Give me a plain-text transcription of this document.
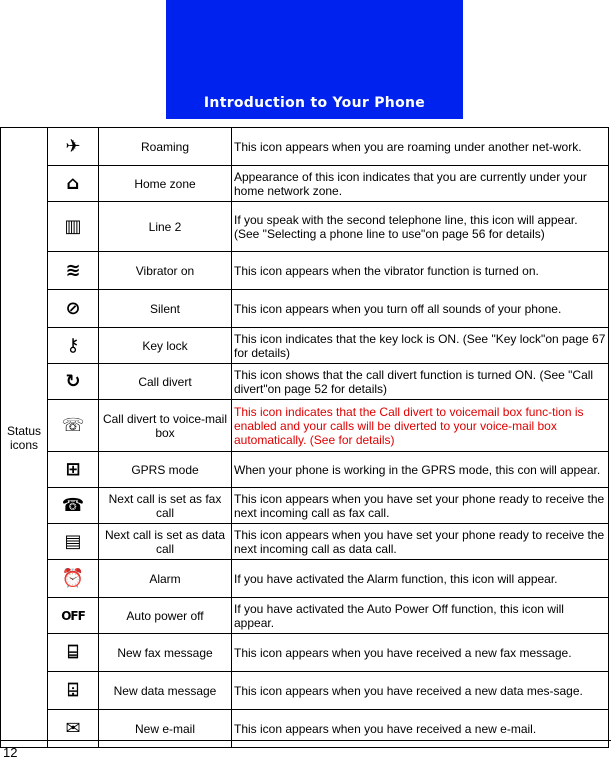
Introduction to Your Phone
Status icons	✈	Roaming	This icon appears when you are roaming under another net-work.
	⌂	Home zone	Appearance of this icon indicates that you are currently under your home network zone.
	▥	Line 2	If you speak with the second telephone line, this icon will appear. (See "Selecting a phone line to use"on page 56 for details)
	≋	Vibrator on	This icon appears when the vibrator function is turned on.
	⊘	Silent	This icon appears when you turn off all sounds of your phone.
	⚷	Key lock	This icon indicates that the key lock is ON. (See "Key lock"on page 67 for details)
	↻	Call divert	This icon shows that the call divert function is turned ON. (See "Call divert"on page 52 for details)
	☏	Call divert to voice-mail box	This icon indicates that the Call divert to voicemail box func-tion is enabled and your calls will be diverted to your voice-mail box automatically. (See for details)
	⊞	GPRS mode	When your phone is working in the GPRS mode, this con will appear.
	☎	Next call is set as fax call	This icon appears when you have set your phone ready to receive the next incoming call as fax call.
	▤	Next call is set as data call	This icon appears when you have set your phone ready to receive the next incoming call as data call.
	⏰	Alarm	If you have activated the Alarm function, this icon will appear.
	OFF	Auto power off	If you have activated the Auto Power Off function, this icon will appear.
	⌸	New fax message	This icon appears when you have received a new fax message.
	⌹	New data message	This icon appears when you have received a new data mes-sage.
	✉	New e-mail	This icon appears when you have received a new e-mail.
12
